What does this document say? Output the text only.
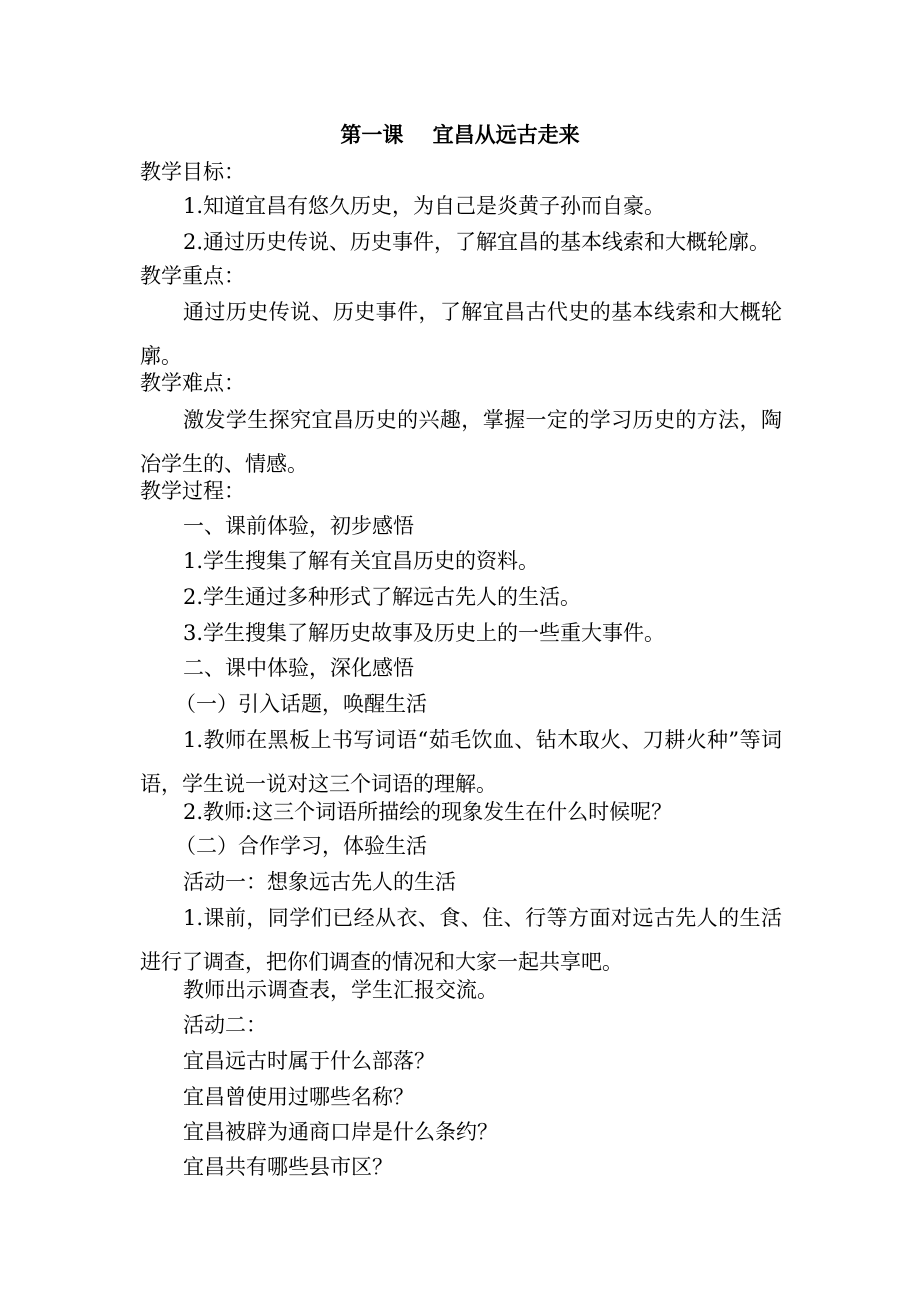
第一课    宜昌从远古走来
教学目标：
1.知道宜昌有悠久历史，为自己是炎黄子孙而自豪。
2.通过历史传说、历史事件，了解宜昌的基本线索和大概轮廓。
教学重点：
通过历史传说、历史事件，了解宜昌古代史的基本线索和大概轮廓。
教学难点：
激发学生探究宜昌历史的兴趣，掌握一定的学习历史的方法，陶冶学生的、情感。
教学过程：
一、课前体验，初步感悟
1.学生搜集了解有关宜昌历史的资料。
2.学生通过多种形式了解远古先人的生活。
3.学生搜集了解历史故事及历史上的一些重大事件。
二、课中体验，深化感悟
（一）引入话题，唤醒生活
1.教师在黑板上书写词语“茹毛饮血、钻木取火、刀耕火种”等词语，学生说一说对这三个词语的理解。
2.教师:这三个词语所描绘的现象发生在什么时候呢？
（二）合作学习，体验生活
活动一：想象远古先人的生活
1.课前，同学们已经从衣、食、住、行等方面对远古先人的生活进行了调查，把你们调查的情况和大家一起共享吧。
教师出示调查表，学生汇报交流。
活动二：
宜昌远古时属于什么部落？
宜昌曾使用过哪些名称？
宜昌被辟为通商口岸是什么条约？
宜昌共有哪些县市区？
